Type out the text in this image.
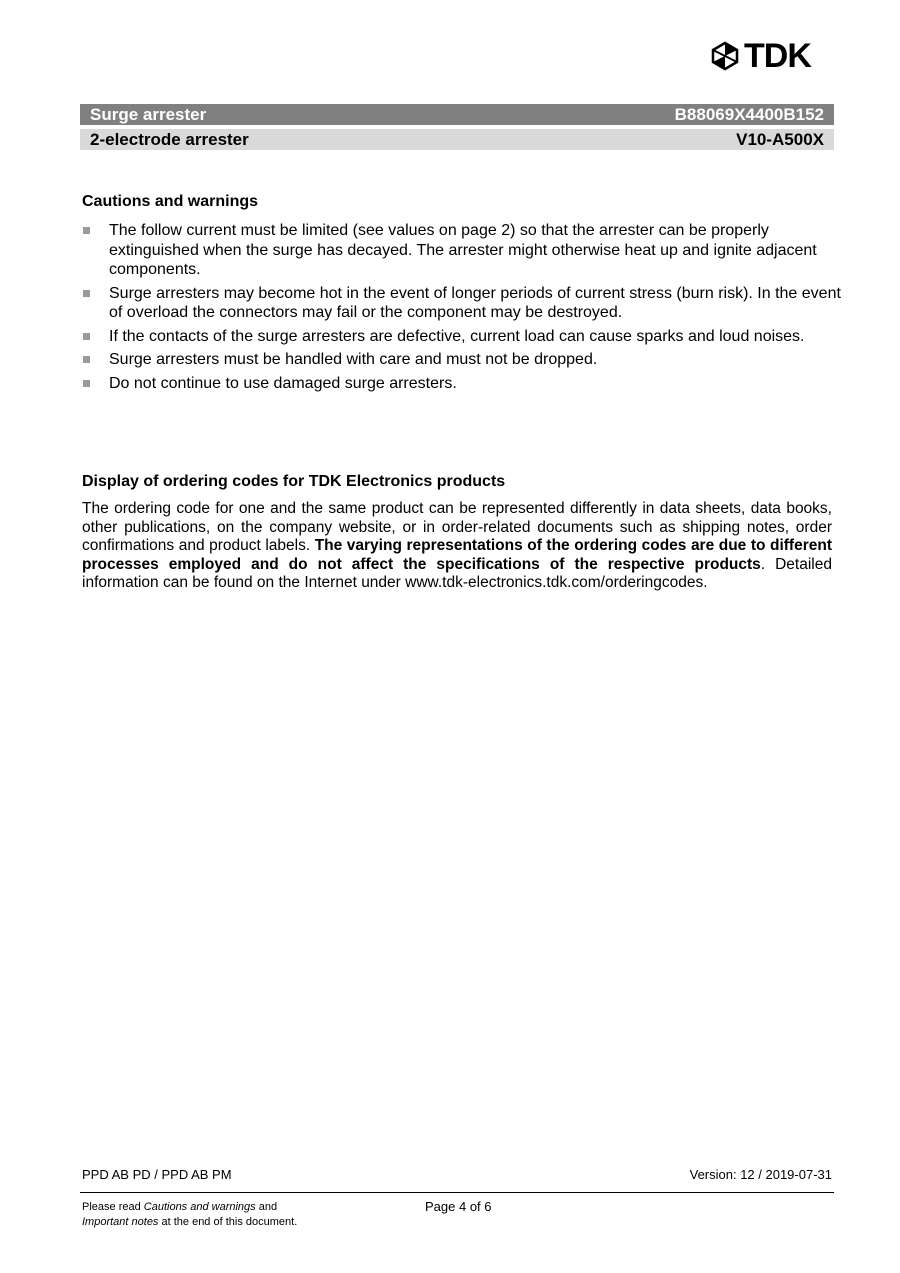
TDK
Surge arrester	B88069X4400B152
2-electrode arrester	V10-A500X
Cautions and warnings
The follow current must be limited (see values on page 2) so that the arrester can be properly extinguished when the surge has decayed. The arrester might otherwise heat up and ignite adjacent components.
Surge arresters may become hot in the event of longer periods of current stress (burn risk). In the event of overload the connectors may fail or the component may be destroyed.
If the contacts of the surge arresters are defective, current load can cause sparks and loud noises.
Surge arresters must be handled with care and must not be dropped.
Do not continue to use damaged surge arresters.
Display of ordering codes for TDK Electronics products
The ordering code for one and the same product can be represented differently in data sheets, data books, other publications, on the company website, or in order-related documents such as shipping notes, order confirmations and product labels. The varying representations of the ordering codes are due to different processes employed and do not affect the specifications of the respective products. Detailed information can be found on the Internet under www.tdk-electronics.tdk.com/orderingcodes.
PPD AB PD / PPD AB PM	Version: 12 / 2019-07-31
Please read Cautions and warnings and
Important notes at the end of this document.
Page 4 of 6
